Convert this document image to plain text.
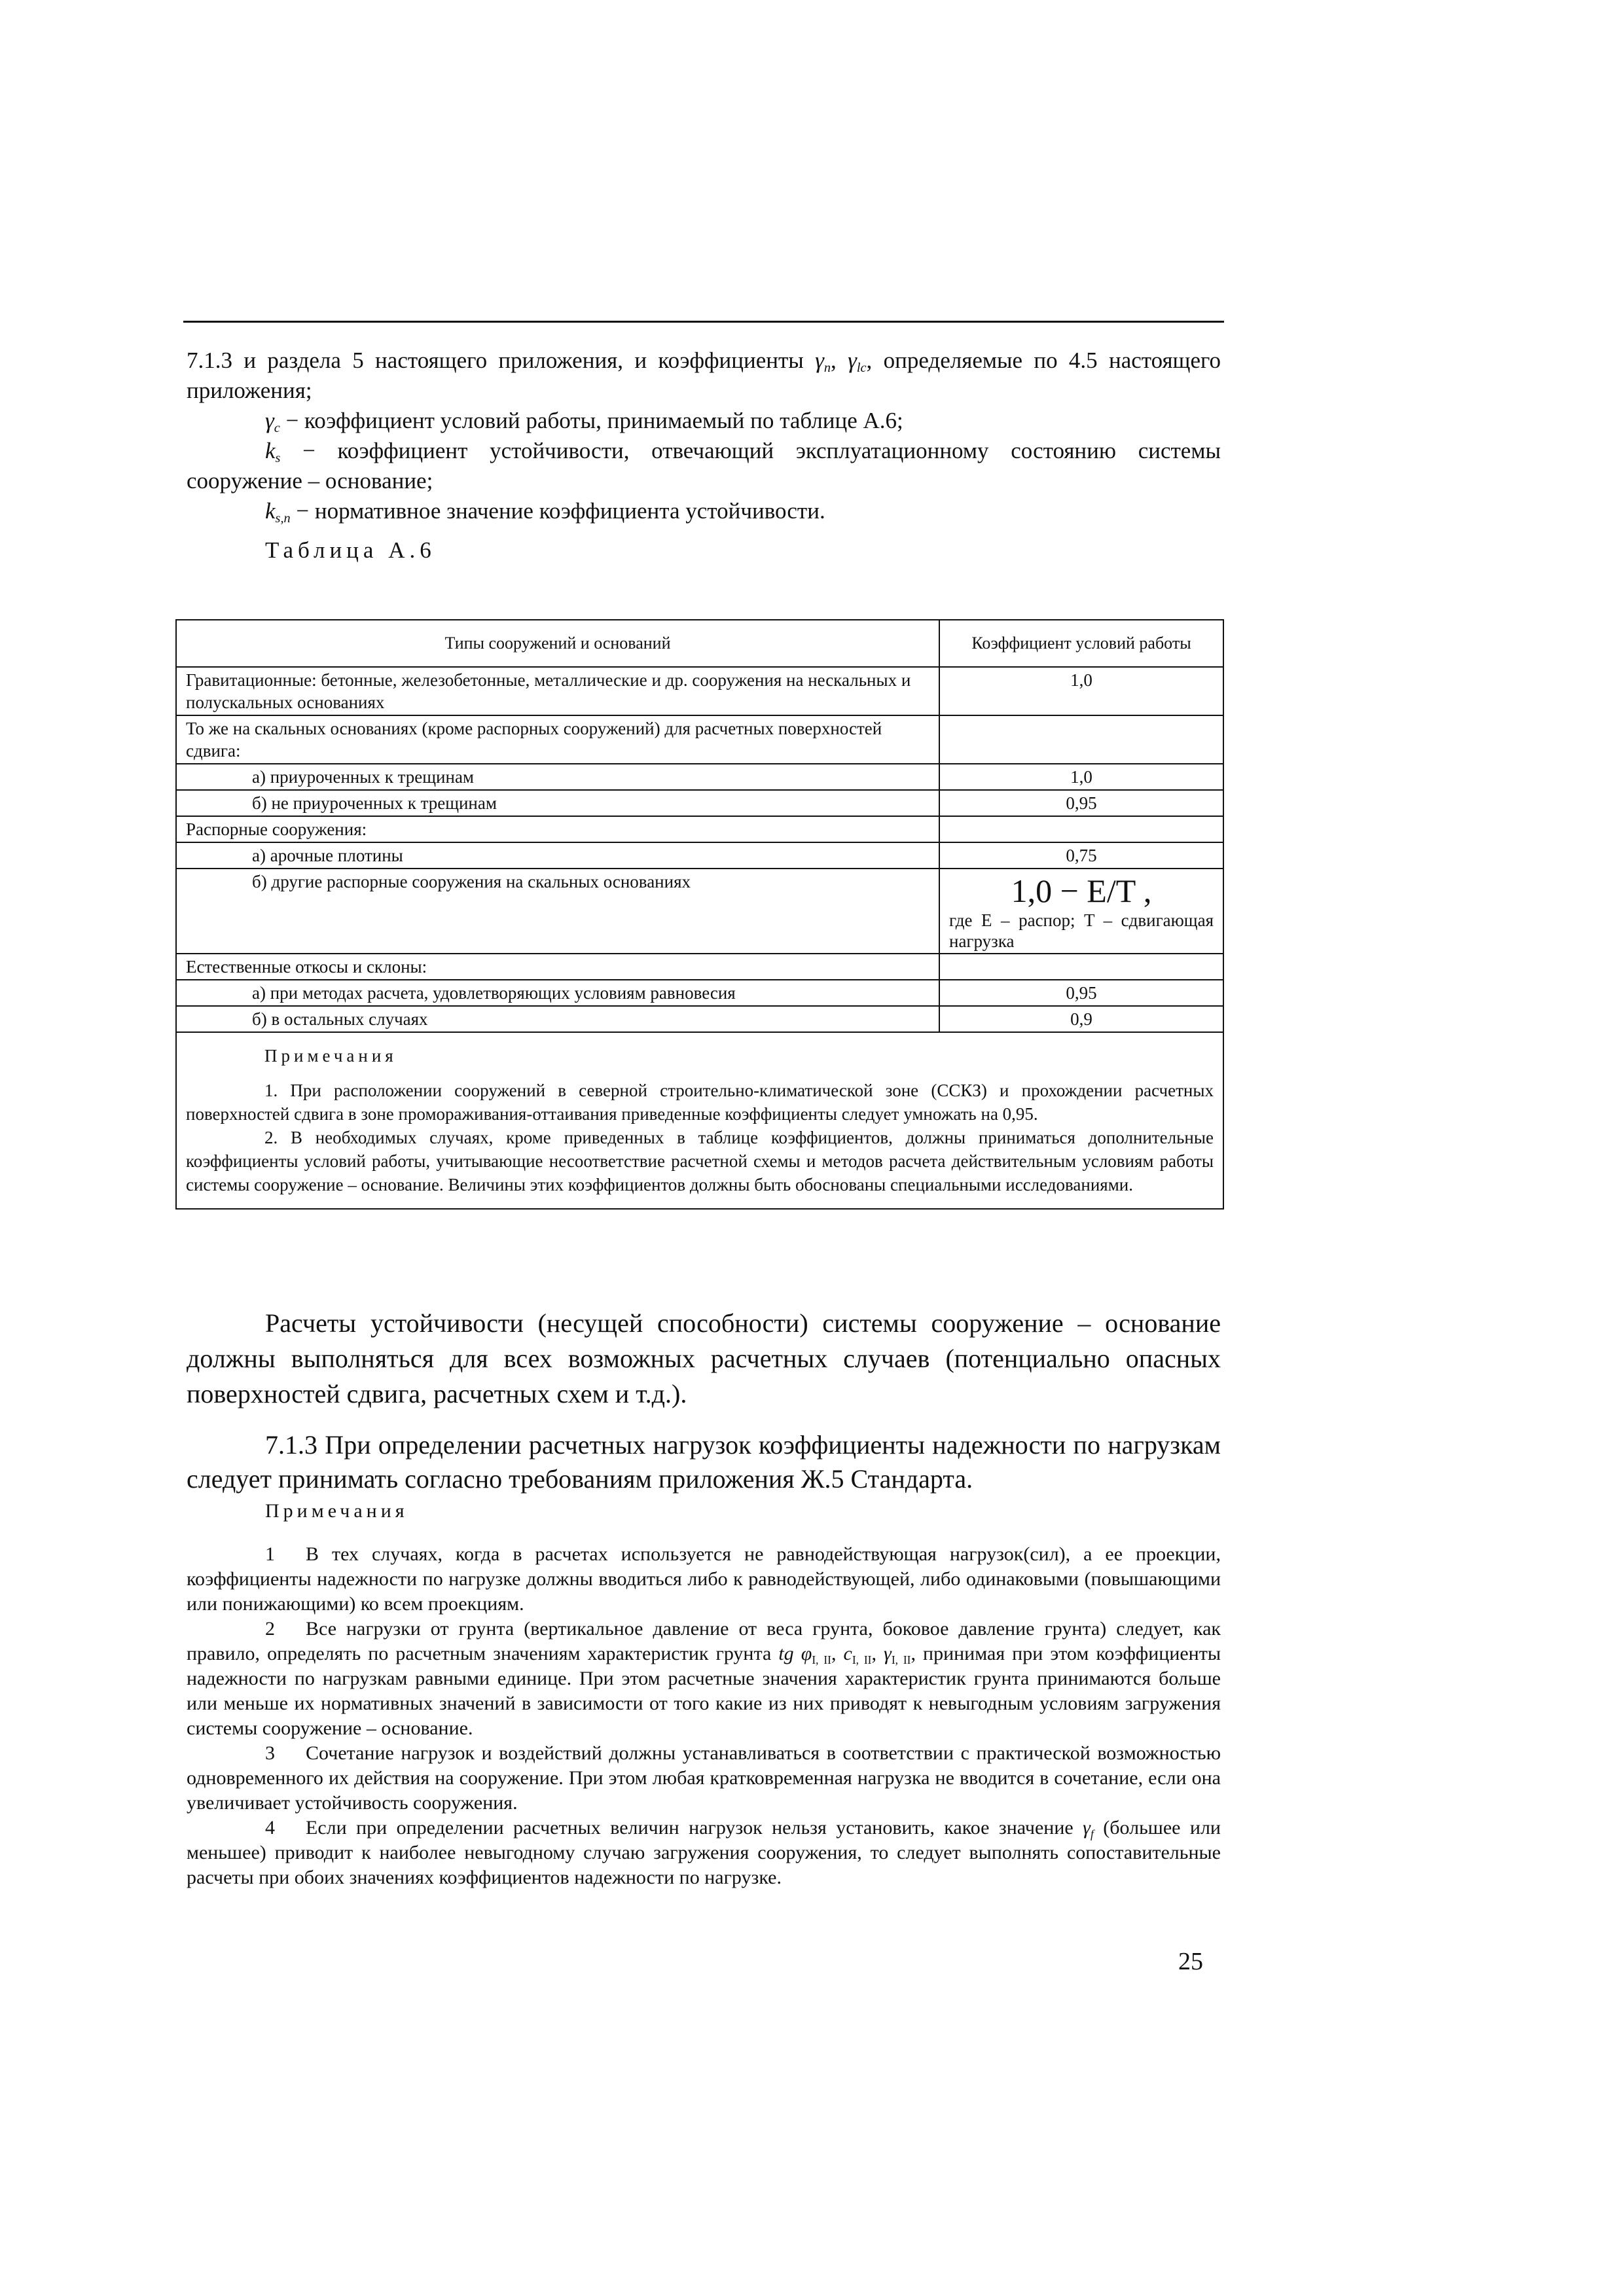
7.1.3 и раздела 5 настоящего приложения, и коэффициенты $\gamma_n$, $\gamma_{lc}$, определяемые по 4.5 настоящего приложения;

$\gamma_c$ − коэффициент условий работы, принимаемый по таблице А.6;

$k_s$ − коэффициент устойчивости, отвечающий эксплуатационному состоянию системы сооружение – основание;

$k_{s,n}$ − нормативное значение коэффициента устойчивости.

Таблица А.6

Типы сооружений и оснований	Коэффициент условий работы
Гравитационные: бетонные, железобетонные, металлические и др. сооружения на нескальных и полускальных основаниях	1,0
То же на скальных основаниях (кроме распорных сооружений) для расчетных поверхностей сдвига:	
а) приуроченных к трещинам	1,0
б) не приуроченных к трещинам	0,95
Распорные сооружения:	
а) арочные плотины	0,75
б) другие распорные сооружения на скальных основаниях	1,0 − E/T ,
где E – распор; T – сдвигающая нагрузка

Естественные откосы и склоны:	
а) при методах расчета, удовлетворяющих условиям равновесия	0,95
б) в остальных случаях	0,9

Примечания

1. При расположении сооружений в северной строительно-климатической зоне (ССКЗ) и прохождении расчетных поверхностей сдвига в зоне промораживания-оттаивания приведенные коэффициенты следует умножать на 0,95.

2. В необходимых случаях, кроме приведенных в таблице коэффициентов, должны приниматься дополнительные коэффициенты условий работы, учитывающие несоответствие расчетной схемы и методов расчета действительным условиям работы системы сооружение – основание. Величины этих коэффициентов должны быть обоснованы специальными исследованиями.	

Расчеты устойчивости (несущей способности) системы сооружение – основание должны выполняться для всех возможных расчетных случаев (потенциально опасных поверхностей сдвига, расчетных схем и т.д.).

7.1.3 При определении расчетных нагрузок коэффициенты надежности по нагрузкам следует принимать согласно требованиям приложения Ж.5 Стандарта.

Примечания

1 В тех случаях, когда в расчетах используется не равнодействующая нагрузок(сил), а ее проекции, коэффициенты надежности по нагрузке должны вводиться либо к равнодействующей, либо одинаковыми (повышающими или понижающими) ко всем проекциям.

2 Все нагрузки от грунта (вертикальное давление от веса грунта, боковое давление грунта) следует, как правило, определять по расчетным значениям характеристик грунта tg $\varphi_{I, II}$, $c_{I, II}$, $\gamma_{I, II}$, принимая при этом коэффициенты надежности по нагрузкам равными единице. При этом расчетные значения характеристик грунта принимаются больше или меньше их нормативных значений в зависимости от того какие из них приводят к невыгодным условиям загружения системы сооружение – основание.

3 Сочетание нагрузок и воздействий должны устанавливаться в соответствии с практической возможностью одновременного их действия на сооружение. При этом любая кратковременная нагрузка не вводится в сочетание, если она увеличивает устойчивость сооружения.

4 Если при определении расчетных величин нагрузок нельзя установить, какое значение $\gamma_f$ (большее или меньшее) приводит к наиболее невыгодному случаю загружения сооружения, то следует выполнять сопоставительные расчеты при обоих значениях коэффициентов надежности по нагрузке.

25
